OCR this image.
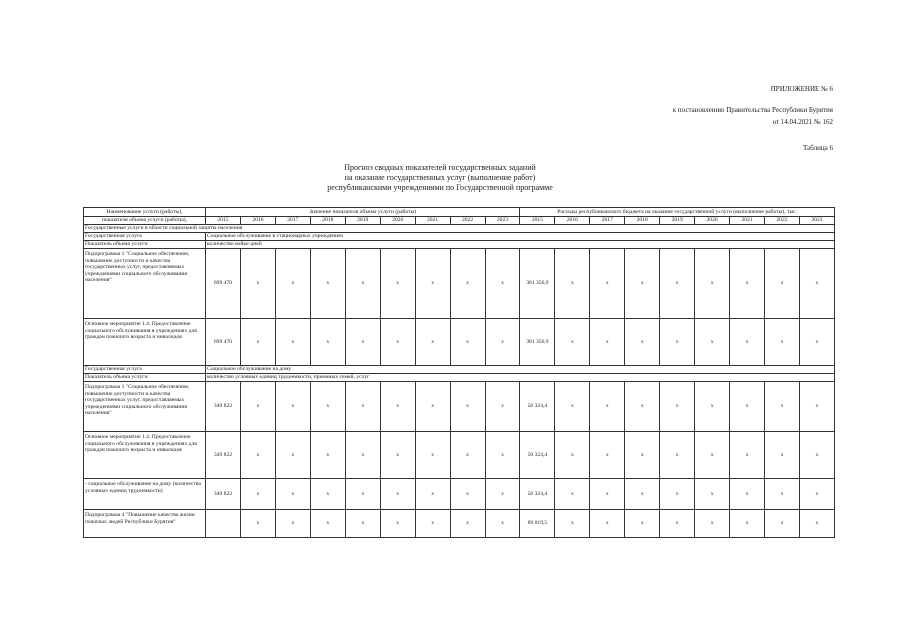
ПРИЛОЖЕНИЕ № 6
к постановлению Правительства Республики Бурятия
от 14.04.2021 № 162
Таблица 6
Прогноз сводных показателей государственных заданий
на оказание государственных услуг (выполнение работ)
республиканскими учреждениями по Государственной программе
Наименование услуги (работы),	Значение показателя объема услуги (работы)									Расходы республиканского бюджета на оказание государственной услуги (выполнение работы), тыс.								
показателя объема услуги (работы),	2015	2016	2017	2018	2019	2020	2021	2022	2023	2015	2016	2017	2018	2019	2020	2021	2022	2023
Государственные услуги в области социальной защиты населения																		
Государственная услуга	Социальное обслуживание в стационарных учреждениях																	
Показатель объема услуги	количество койко-дней																	
Подпрограмма 1 "Социальное обеспечение, повышение доступности и качества государственных услуг, предоставляемых учреждениями социального обслуживания населения"	699 470	x	x	x	x	x	x	x	x	381 356,9	x	x	x	x	x	x	x	x
Основное мероприятие 1.4. Предоставление социального обслуживания в учреждениях для граждан пожилого возраста и инвалидов	699 470	x	x	x	x	x	x	x	x	381 356,9	x	x	x	x	x	x	x	x
Государственная услуга	Социальное обслуживание на дому																	
Показатель объема услуги	количество условных единиц трудоемкости, приемных семей, услуг																	
Подпрограмма 1 "Социальное обеспечение, повышение доступности и качества государственных услуг, предоставляемых учреждениями социального обслуживания населения"	349 822	x	x	x	x	x	x	x	x	50 324,4	x	x	x	x	x	x	x	x
Основное мероприятие 1.4. Предоставление социального обслуживания в учреждениях для граждан пожилого возраста и инвалидов	349 822	x	x	x	x	x	x	x	x	50 324,4	x	x	x	x	x	x	x	x
- социальное обслуживание на дому (количество условных единиц трудоемкости)	349 822	x	x	x	x	x	x	x	x	50 324,4	x	x	x	x	x	x	x	x
Подпрограмма 4 "Повышение качества жизни пожилых людей Республики Бурятия"		x	x	x	x	x	x	x	x	89 019,5	x	x	x	x	x	x	x	x
